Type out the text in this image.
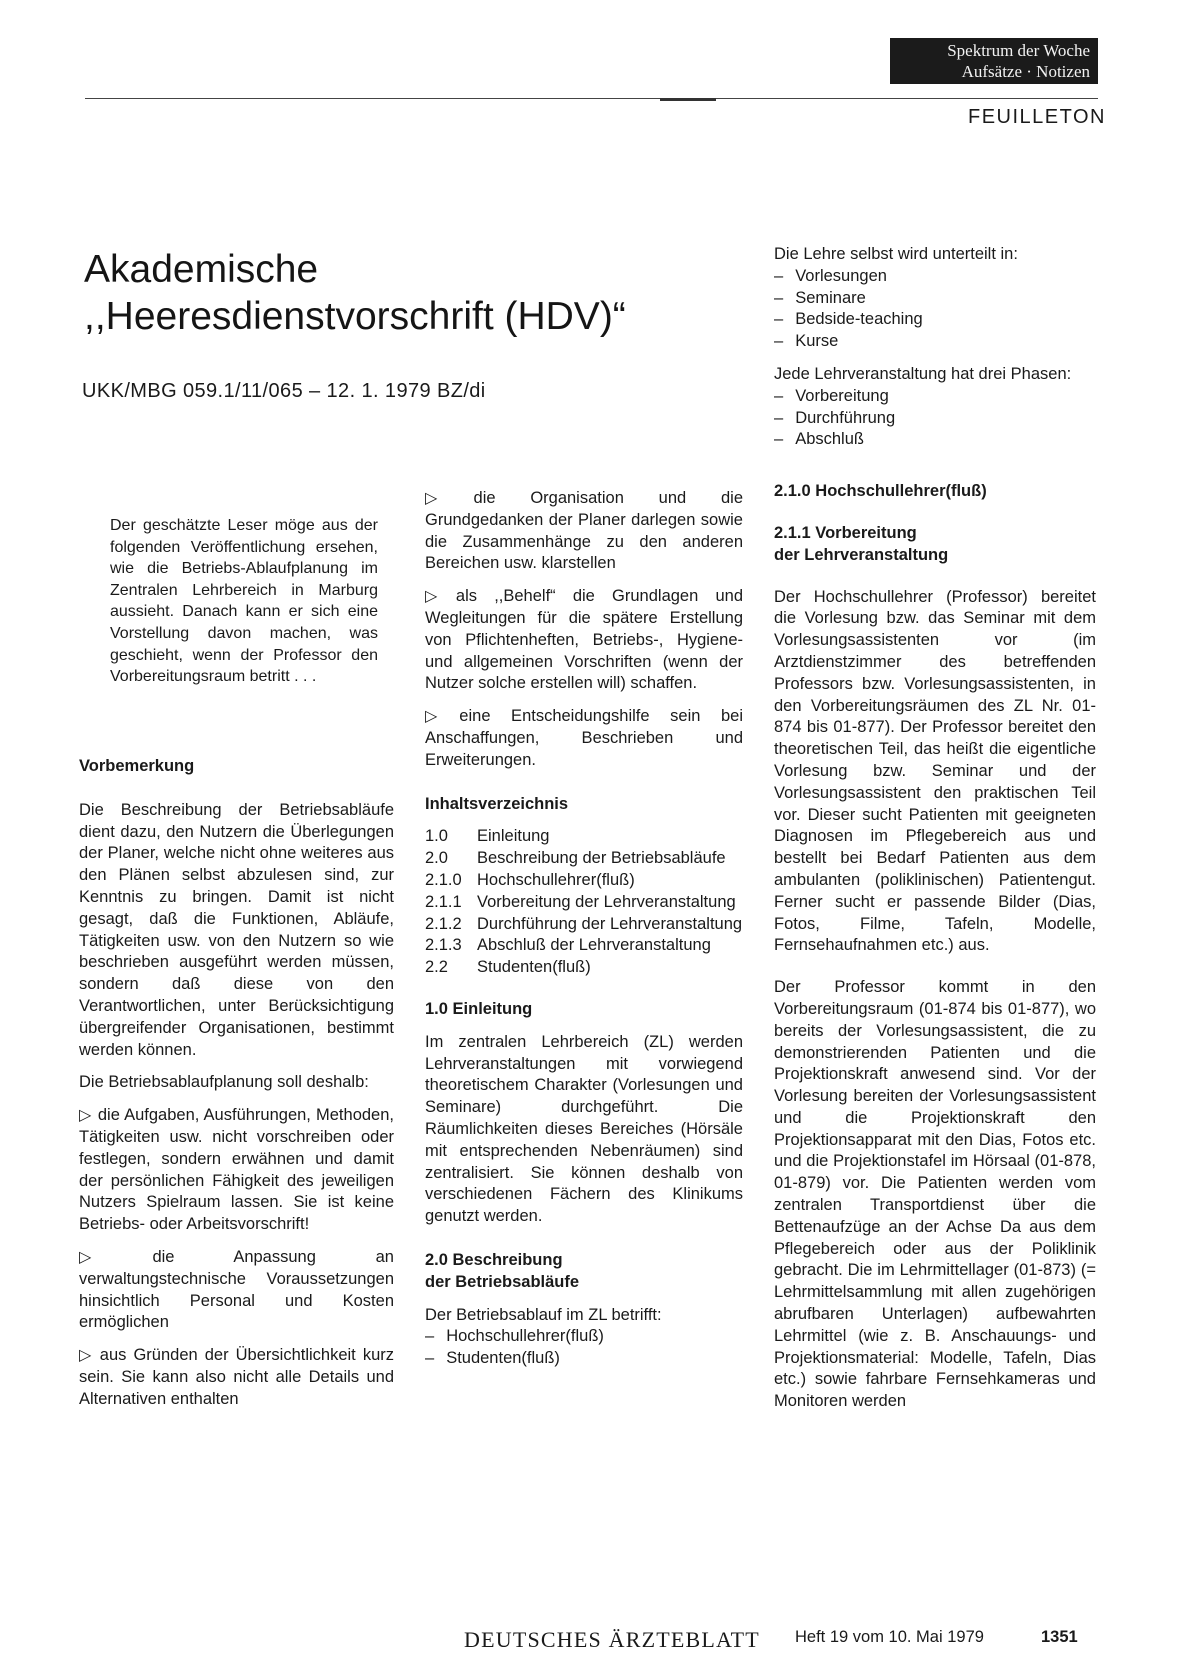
Spektrum der Woche
Aufsätze · Notizen
FEUILLETON
Akademische
,,Heeresdienstvorschrift (HDV)“
UKK/MBG 059.1/11/065 – 12. 1. 1979 BZ/di
Der geschätzte Leser möge aus der folgenden Veröffentlichung ersehen, wie die Betriebs-Ablaufplanung im Zentralen Lehrbereich in Marburg aussieht. Danach kann er sich eine Vorstellung davon machen, was geschieht, wenn der Professor den Vorbereitungsraum betritt . . .

Vorbemerkung

Die Beschreibung der Betriebsabläufe dient dazu, den Nutzern die Überlegungen der Planer, welche nicht ohne weiteres aus den Plänen selbst abzulesen sind, zur Kenntnis zu bringen. Damit ist nicht gesagt, daß die Funktionen, Abläufe, Tätigkeiten usw. von den Nutzern so wie beschrieben ausgeführt werden müssen, sondern daß diese von den Verantwortlichen, unter Berücksichtigung übergreifender Organisationen, bestimmt werden können.

Die Betriebsablaufplanung soll deshalb:

▷ die Aufgaben, Ausführungen, Methoden, Tätigkeiten usw. nicht vorschreiben oder festlegen, sondern erwähnen und damit der persönlichen Fähigkeit des jeweiligen Nutzers Spielraum lassen. Sie ist keine Betriebs- oder Arbeitsvorschrift!

▷ die Anpassung an verwaltungstechnische Voraussetzungen hinsichtlich Personal und Kosten ermöglichen

▷ aus Gründen der Übersichtlichkeit kurz sein. Sie kann also nicht alle Details und Alternativen enthalten

▷ die Organisation und die Grundgedanken der Planer darlegen sowie die Zusammenhänge zu den anderen Bereichen usw. klarstellen

▷ als ,,Behelf“ die Grundlagen und Wegleitungen für die spätere Erstellung von Pflichtenheften, Betriebs-, Hygiene- und allgemeinen Vorschriften (wenn der Nutzer solche erstellen will) schaffen.

▷ eine Entscheidungshilfe sein bei Anschaffungen, Beschrieben und Erweiterungen.

Inhaltsverzeichnis

1.0	Einleitung
2.0	Beschreibung der Betriebsabläufe
2.1.0 Hochschullehrer(fluß)
2.1.1 Vorbereitung der Lehrveranstaltung
2.1.2 Durchführung der Lehrveranstaltung
2.1.3 Abschluß der Lehrveranstaltung
2.2	Studenten(fluß)

1.0 Einleitung

Im zentralen Lehrbereich (ZL) werden Lehrveranstaltungen mit vorwiegend theoretischem Charakter (Vorlesungen und Seminare) durchgeführt. Die Räumlichkeiten dieses Bereiches (Hörsäle mit entsprechenden Nebenräumen) sind zentralisiert. Sie können deshalb von verschiedenen Fächern des Klinikums genutzt werden.

2.0 Beschreibung

der Betriebsabläufe

Der Betriebsablauf im ZL betrifft:

– Hochschullehrer(fluß)
– Studenten(fluß)

Die Lehre selbst wird unterteilt in:

– Vorlesungen
– Seminare
– Bedside-teaching
– Kurse

Jede Lehrveranstaltung hat drei Phasen:

– Vorbereitung
– Durchführung
– Abschluß

2.1.0 Hochschullehrer(fluß)

2.1.1 Vorbereitung

der Lehrveranstaltung

Der Hochschullehrer (Professor) bereitet die Vorlesung bzw. das Seminar mit dem Vorlesungsassistenten vor (im Arztdienstzimmer des betreffenden Professors bzw. Vorlesungsassistenten, in den Vorbereitungsräumen des ZL Nr. 01-874 bis 01-877). Der Professor bereitet den theoretischen Teil, das heißt die eigentliche Vorlesung bzw. Seminar und der Vorlesungsassistent den praktischen Teil vor. Dieser sucht Patienten mit geeigneten Diagnosen im Pflegebereich aus und bestellt bei Bedarf Patienten aus dem ambulanten (poliklinischen) Patientengut. Ferner sucht er passende Bilder (Dias, Fotos, Filme, Tafeln, Modelle, Fernsehaufnahmen etc.) aus.

Der Professor kommt in den Vorbereitungsraum (01-874 bis 01-877), wo bereits der Vorlesungsassistent, die zu demonstrierenden Patienten und die Projektionskraft anwesend sind. Vor der Vorlesung bereiten der Vorlesungsassistent und die Projektionskraft den Projektionsapparat mit den Dias, Fotos etc. und die Projektionstafel im Hörsaal (01-878, 01-879) vor. Die Patienten werden vom zentralen Transportdienst über die Bettenaufzüge an der Achse Da aus dem Pflegebereich oder aus der Poliklinik gebracht. Die im Lehrmittellager (01-873) (= Lehrmittelsammlung mit allen zugehörigen abrufbaren Unterlagen) aufbewahrten Lehrmittel (wie z. B. Anschauungs- und Projektionsmaterial: Modelle, Tafeln, Dias etc.) sowie fahrbare Fernsehkameras und Monitoren werden

DEUTSCHES ÄRZTEBLATT Heft 19 vom 10. Mai 1979	1351
